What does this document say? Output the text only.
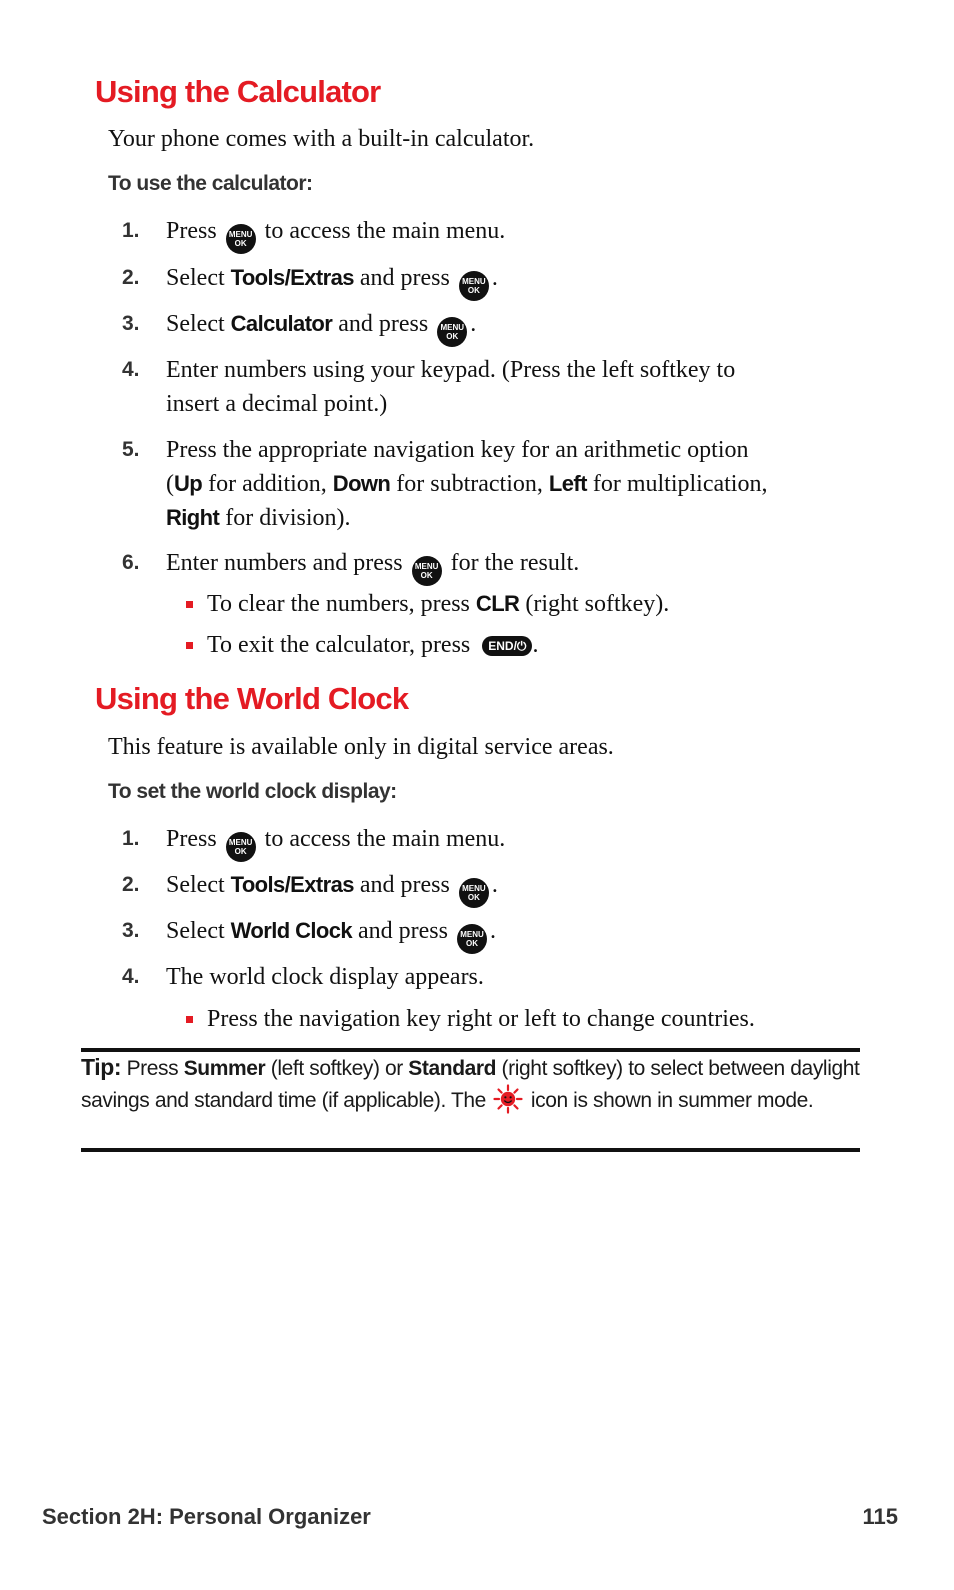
Using the Calculator

Your phone comes with a built-in calculator.

To use the calculator:

1.	Press MENU
OK to access the main menu.
2.	Select Tools/Extras and press MENU
OK .
3.	Select Calculator and press MENU
OK .
4.	Enter numbers using your keypad. (Press the left softkey to
insert a decimal point.)
5.	Press the appropriate navigation key for an arithmetic option
(Up for addition, Down for subtraction, Left for multiplication,
Right for division).
6.	Enter numbers and press MENU
OK for the result.
To clear the numbers, press CLR (right softkey).
To exit the calculator, press END/⏻ .
Using the World Clock

This feature is available only in digital service areas.

To set the world clock display:

1.	Press MENU
OK to access the main menu.
2.	Select Tools/Extras and press MENU
OK .
3.	Select World Clock and press MENU
OK .
4.	The world clock display appears.
Press the navigation key right or left to change countries.

Tip: Press Summer (left softkey) or Standard (right softkey) to select between daylight savings and standard time (if applicable). The  icon is shown in summer mode.

Section 2H: Personal Organizer	115
